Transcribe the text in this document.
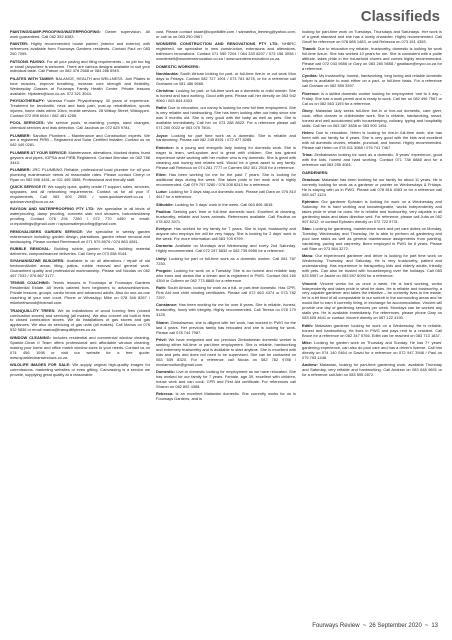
Classifieds

PAINTING/DAMP-PROOFING/WATERPROOFING: Owner supervision. All work guaranteed. Call 082 352 6383.

PAINTER: Highly recommended house painter (interior and exterior) with references available from Fourways Gardens residents. Contact Paul on 083 260 7095.

PATSONS PAVING: For all your paving and tiling requirements – no job too big or small (anywhere is welcome. There are various designs available to suit your individual taste. Call Patson on 082 476 2668 or 084 286 6949.

PILATES WITH TAMMY: BALANCE, HEALTH and WELLNESS. Join Pilates to tone muscles, improve breathing, increase core strength and flexibility. Wednesday Classes at Fourways Family Health Centre. Private lessons available. Hipilates@icon.co.za. 072 321 3044.

PHYSIOTHERAPY: Vanessa Fourie Physiotherapy, 30 years of experience. Treatment for tendonitis, neck and back pain, post-op rehabilitation, sports injuries, home visits within 10km, mobile services. 28 Witkop Street, Witkoppen. Contact 072 896 6044 / 082 481 4255.

POOL SERVICES: We service pools, re-marbling, pumps, sand changes, chemical services and leak detection. Call Jacobus on 072 625 9784.

PLUMBER: Sandton Plumbers – Maintenance and Construction experts. We are a registered PIRB – Registered and Solar Certified Installer. Contact us on 082 440 0281.

PLUMBER AT YOUR SERVICE: Maintenance, alterations, blocked drains, burst geysers and pipes, IOPSA and PIRB Registered. Contact Brendan on 082 788 3443.

PLUMBER: JRC PLUMBING Reliable, professional local plumber for all your plumbing maintenance needs at reasonable rates. Please contact Cheryl or Ryan on 082 598 4481, or 011 465 3598. Professional and friendly staff.

QUICK SERVICE IT: We supply quick, quality onsite IT support, sales, services, upgrades, and all networking requirements. Contact us for all your IT requirements. Call 083 600 2555 / www.quickserviceit.co.za / quickservice@icon.co.za.

RAYSON AND WATERPROOFING PTY LTD: We specialise in all kinds of waterproofing, damp proofing, concrete slab roof showers, balconies/damp proofing. Contact 076 294 7280 / 072 770 4450 or email: cr.mpaintings@gmail.com / raysonwaterproofing@gmail.com.

REMOVALISERS GARDEN SERVICE: We specialise in weekly garden maintenance including: garden design, plantations, garden refuse removal and landscaping. Please contact Rembrandt on 071 579 8976 / 074 863 4081.

RUBBLE REMOVAL: Building rubble, garden refuse, building material deliveries, compost/manure deliveries. Call Gerry on 073 058 9144.

SIYAHANISIZWE BUILDERS: Available to do all alterations / repair of old bedroom&toilet areas, tiling, patios, rubble removal and general work. Guaranteed quality and professional workmanship. Please call Nicolas on 082 467 7032 / 076 867 3177.

TENNIS COACHING: Tennis lessons in Fourways at Fourways Gardens Residential Estate. All levels catered from beginners to advanced/seniors. Private lessons, groups, cardio tennis and advanced adults. Also do one-on-one coaching at your own court. Phone or WhatsApp Mike on 078 346 8267 / mikekeithwood@hotmail.com.

TRANQUILLITY TREES: We do installations of wood burning fires (closed combustion stoves) and servicing (all makes). We also convert old built-in fires to closed combustion stoves. We do installations of gas stoves and gas appliances. We also do servicing of gas units (all makes). Call Marius on 076 532 5836 or email marius@tranquillitytrees.co.za.

WINDOW CLEANING: Includes residential and commercial window cleaning. Sparkle-Clean II Team offers professional and affordable window cleaning, making your home and office match window sizes to your needs. Contact us on 074 456 1098 or visit our website for a free quote: www.sparklecleanwindows.co.za.

WILDLIFE IMAGES FOR SALE: We supply original high-quality images for commissions, marketing websites or even gifting. Canvassing is a service we provide, supplying great quality at a reasonable

cost. Please contact stuart@kopwildlife.com / samantha_leeming@yahoo.com, or call us on 083 290 0967.

WONDERS CONSTRUCTION AND RENOVATIONS PTY LTD: NHBRC registered, we specialise in new construction, extensions and alterations, bathroom renovations. Contact 071 050 7204 / 084 333 8207 / 073 156 3098 / wonderselt@wondersrenovation.co.za / www.wondersrenovation.co.za.

DOMESTIC WORKERS:

Nonhlanhla: South African looking for part- or full-time live-in or out work Mon days to Fridays. Contact 082 727 1901 / 073 781 8278, or for a reference call Grahame on 081 486 9665.

Christina: Looking for part- or full-time work as a domestic or child minder. She is honest and hard working. Good with pets. Please call her directly on 063 942 9060 / 063 844 4303.

Rathi: Due to relocation, our nanny is looking for new full time employment. She is very reliable and hardworking. She has been looking after our baby since she was 3 months old. She is very good with the baby as well as pets. She is available immediately. Call her on 073 288 8822. For a reference please call 071 200 0022 or 063 075 7504.

Joyce: Looking for part time work as a domestic. She is reliable and hardworking. Please call 082 245 8391 / 072 477 8285.

Emlorice: is a young and energetic lady looking for domestic work. She is eager to learn, well-spoken and is great with children. She has gained experience while working with her mother who is my domestic. She is great with cleaning and ironing and relates well. Would be a great asset to any family. Please call Rebecca on 074 281 7777 or Carmen 082 301 2915 for a reference.

Ellen: Has been working for me for the past 7 years. She is looking for additional days during the week. She takes pride in her work and is highly recommended. Call 079 797 3280 / 076 208 8243 for a reference.

Luise: Looking for 3 days stay-out domestic work. Please call Dara on 076 810 4617 for a reference.

Sithokile: Looking for 3 days' work in the week. Call 063 806 4815.

Paulina: Seeking part- time or full-time domestic work. Excellent at cleaning, trustworthy, reliable and loves animals. References available. Call Paulina on 078 822 3371.

Evelyne: Has worked for my family for 7 years. She is loyal, trustworthy and anyone who employs her will be very happy. She is looking for 2 days' work in the week. For more information call 083 709 9799.

Dormeta: Available on Mondays and Wednesday and every 2nd Saturday. Highly recommended. Call 072 197 5832 or 082 735 6956 for a reference.

Unity: Looking for part or full-time work as a domestic worker. Call 081 787 7230.

Prognie: Looking for work on a Tuesday. She is an honest and reliable lady who irons and cleans like a dream and is registered in PWG. Contact 064 160 4394 or Colleen on 082 773 8865 for a reference.

Ruth: South African, looking for work as a full- or part-time domestic. Has CPR, First Aid and child minding certificates. Please call 072 663 4374 or 073 782 7297.

Constance: Has been working for me for over 8 years. She is reliable, honest, trustworthy, funny with integrity. Highly recommended. Call Teresa on 078 170 3125.

Shane: Zimbabwean, she is diligent with her work, has worked in PWG for the last 4 years. Her previous family has relocated and she is looking for work. Please call 078 744 7987.

Privil: We have emigrated and our previous Zimbabwean domestic worker is seeking either full-time or part-time employment. She is reliable, hardworking and extremely trustworthy and is available to start anytime. She is excellent with kids and pets and does not need to be supervised. She can be contacted on 063 539 8320. For a reference call Nicola on 082 782 9786 / nicolamoulton@gmail.com.

Domestic: Live-in domestic looking for employment as we have relocated. She has worked for our family for 7 years. Female, age 39, excellent with children, house work and can cook. CPR and First Aid certificate. For references call Sharon on 082 892 4368.

Rebecca: Is an excellent Malawian domestic. She currently works for us in Fourways Gardens, and is

looking for part-time work on Tuesdays, Thursdays and Saturdays. Her work is of a great standard and she has a lovely character. Highly recommended. Call Geoff for reference on 078 685 1483, or call Rebecca on 073 151 4353.

Thandi: Due to relocation my reliable, trustworthy, domestic is looking for work full-time live-in. She has worked 10 years for me. She is consistent with a polite attitude, takes pride in the household chores and comes highly recommended. Please call 072 043 9656 or Gary on 083 260 5658 / gwallace@myco.co.za for a reference.

Cynthia: My trustworthy, honest, hardworking, long loving and reliable domestic helper is available to work either on a part- or full-time basis. For a reference call Graham on 082 559 3397.

Florence: is a skilled domestic worker looking for employment 'one to 4 day – Friday. She has a work permit and is ready to work. Call her on 082 496 7567 or Cal us on 082 563 1193 for a reference.

Glory: Malawian lady seeks full-time live-in or live-out domestic, care giver, cook, office cleaner or childminder work. She is reliable, hardworking, smart, honest and well accustomed with housekeeping, culinary, typing and hospitality skills. Call her on 063 387 3836 or 063 900 1451.

Helen: Due to relocation, Helen is looking for live-in full-time work; she has been with our family for 6 years. She is very good with the kids and excellent with all domestic chores, reliable, punctual, and honest. Highly recommended. Please call Helen on 078 911 3088 / 076 741 7467.

Trina: Zimbabwean looking for work as a domestic, 5 years' experience, good with the kids, honest and hard working. Contact 071 738 8888 and for a reference call 063 255 4081.

GARDENERS:

Gracious: Malawian has been working for our family for about 11 years. He is currently looking for work as a gardener or painter on Wednesdays & Fridays. He is staying with us in PWG. Please call 078 816 4063 or for a reference call 083 447 1124.

Ephraim: Our gardener Ephraim is looking for work on a Wednesday and Saturday. He is hard working and knowledgeable, works independently and takes pride in what he does. He is reliable and trustworthy, very capable in all gardening tasks and takes direction well. For reference, please call Julia on 082 907 6212, or contact Ephraim directly on 072 722 5731.

Stan: Looking for gardening, maintenance work and pet care duties on Monday, Tuesday, Wednesday and Thursday. He is able to perform all gardening and pool care tasks as well as general maintenance assignments from painting, varnishing, paving and carpentry. Been employed in PWG for 6 years. Please call Stan on 073 564 3272.

Manu: Our experienced gardener and driver is looking for part time work on Wednesday, Thursday, and Saturday. He is very trustworthy, patient and understanding. Has experience in transporting kids and elderly adults, friendly with pets. Can also be trusted with housekeeping over the holidays. Call 083 623 5957 or Jackie on 083 597 6090 for a reference.

Vincent: Vincent works for us once a week. He is hard working, works independently and takes pride in what he does. He is reliable and trustworthy, a very capable gardener and takes the initiative – he currently lives in the estate, he is a bit tired of all compostable to our suburb in the surrounding areas and he would like to earn it currently living, in exchange for accommodation. Vincent will provide one day of gardening services per week. Mondays can be worked any stalls yes. He is available immediately. For references, please phone Gary on 083 605 4641 or contact Vincent directly on 067 122 4190.

Edith: Malawian gardener looking for work on a Wednesday. He is reliable, honest and hardworking. He lives in PWG and pays rent to a resident. Call Bruce for a reference on 082 347 5766. Edith can be reached on 083 713 1837.

Mike: Looking for garden work on Thursday and Sunday. He has 7+ years' gardening experience, can also do pool care and has a driver's license. Call him directly on 074 140 0464 or David for a reference on 072 947 3946 / Paul on 079 753 1448.

Andrew: Malawian, looking for part-time gardening work, available Thursday and Saturday, very reliable and hardworking. Call Andrew on 083 648 9601 or for a reference call Adri on 083 595 2872.

Fourways Review ~ 26 September 2020 ~ 13
